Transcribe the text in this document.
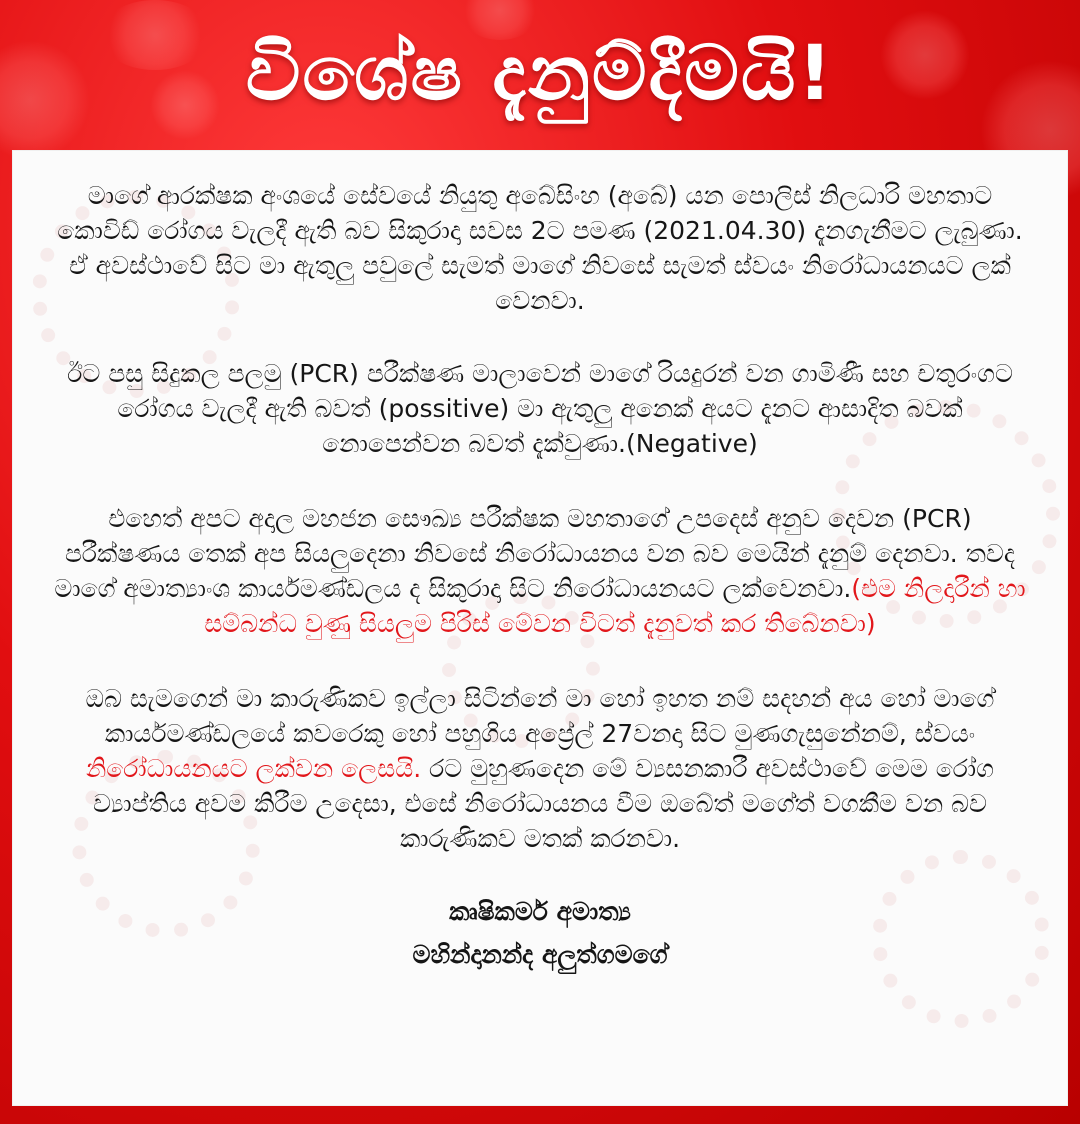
විශේෂ දැනුම්දීමයි!

මාගේ ආරක්ෂක අංශයේ සේවයේ නියුතු අබේසිංහ (අබේ) යන පොලිස් නිලධාරි මහතාට කොවිඩ් රෝගය වැලදී ඇති බව සිකුරාදා සවස 2ට පමණ (2021.04.30) දැනගැනීමට ලැබුණා. ඒ අවස්ථාවේ සිට මා ඇතුලු පවුලේ සැමත් මාගේ නිවසේ සැමත් ස්වයං නිරෝධායනයට ලක් වෙනවා.

ඊට පසු සිදුකල පලමු (PCR) පරීක්ෂණ මාලාවෙන් මාගේ රියදුරන් වන ගාමිණී සහ චතුරංගට රෝගය වැලදී ඇති බවත් (possitive) මා ඇතුලු අනෙක් අයට දැනට ආසාදිත බවක් නොපෙන්වන බවත් දැක්වුණා.(Negative)

එහෙත් අපට අදාල මහජන සෞඛ්‍ය පරීක්ෂක මහතාගේ උපදෙස් අනුව දෙවන (PCR) පරීක්ෂණය තෙක් අප සියලුදෙනා නිවසේ නිරෝධායනය වන බව මෙයින් දැනුම් දෙනවා. තවද මාගේ අමාත්‍යාංශ කාර්යමණ්ඩලය ද සිකුරාදා සිට නිරෝධායනයට ලක්වෙනවා.(එම නිලදාරීන් හා සම්බන්ධ වුණු සියලුම පිරිස් මේවන විටත් දැනුවත් කර තිබේනවා)

ඔබ සැමගෙන් මා කාරුණිකව ඉල්ලා සිටින්නේ මා හෝ ඉහත නම් සදහන් අය හෝ මාගේ කාර්යමණ්ඩලයේ කවරෙකු හෝ පහුගිය අප්‍රේල් 27වනදා සිට මුණගැසුනේනම්, ස්වයං නිරෝධායනයට ලක්වන ලෙසයි. රට මුහුණදෙන මේ ව්‍යසනකාරී අවස්ථාවේ මෙම රෝග ව්‍යාප්තිය අවම කිරීම උදෙසා, එසේ නිරෝධායනය වීම ඔබේත් මගේත් වගකීම වන බව කාරුණිකව මතක් කරනවා.

කෘෂිකර්ම අමාත්‍ය
මහින්දානන්ද අලුත්ගමගේ
